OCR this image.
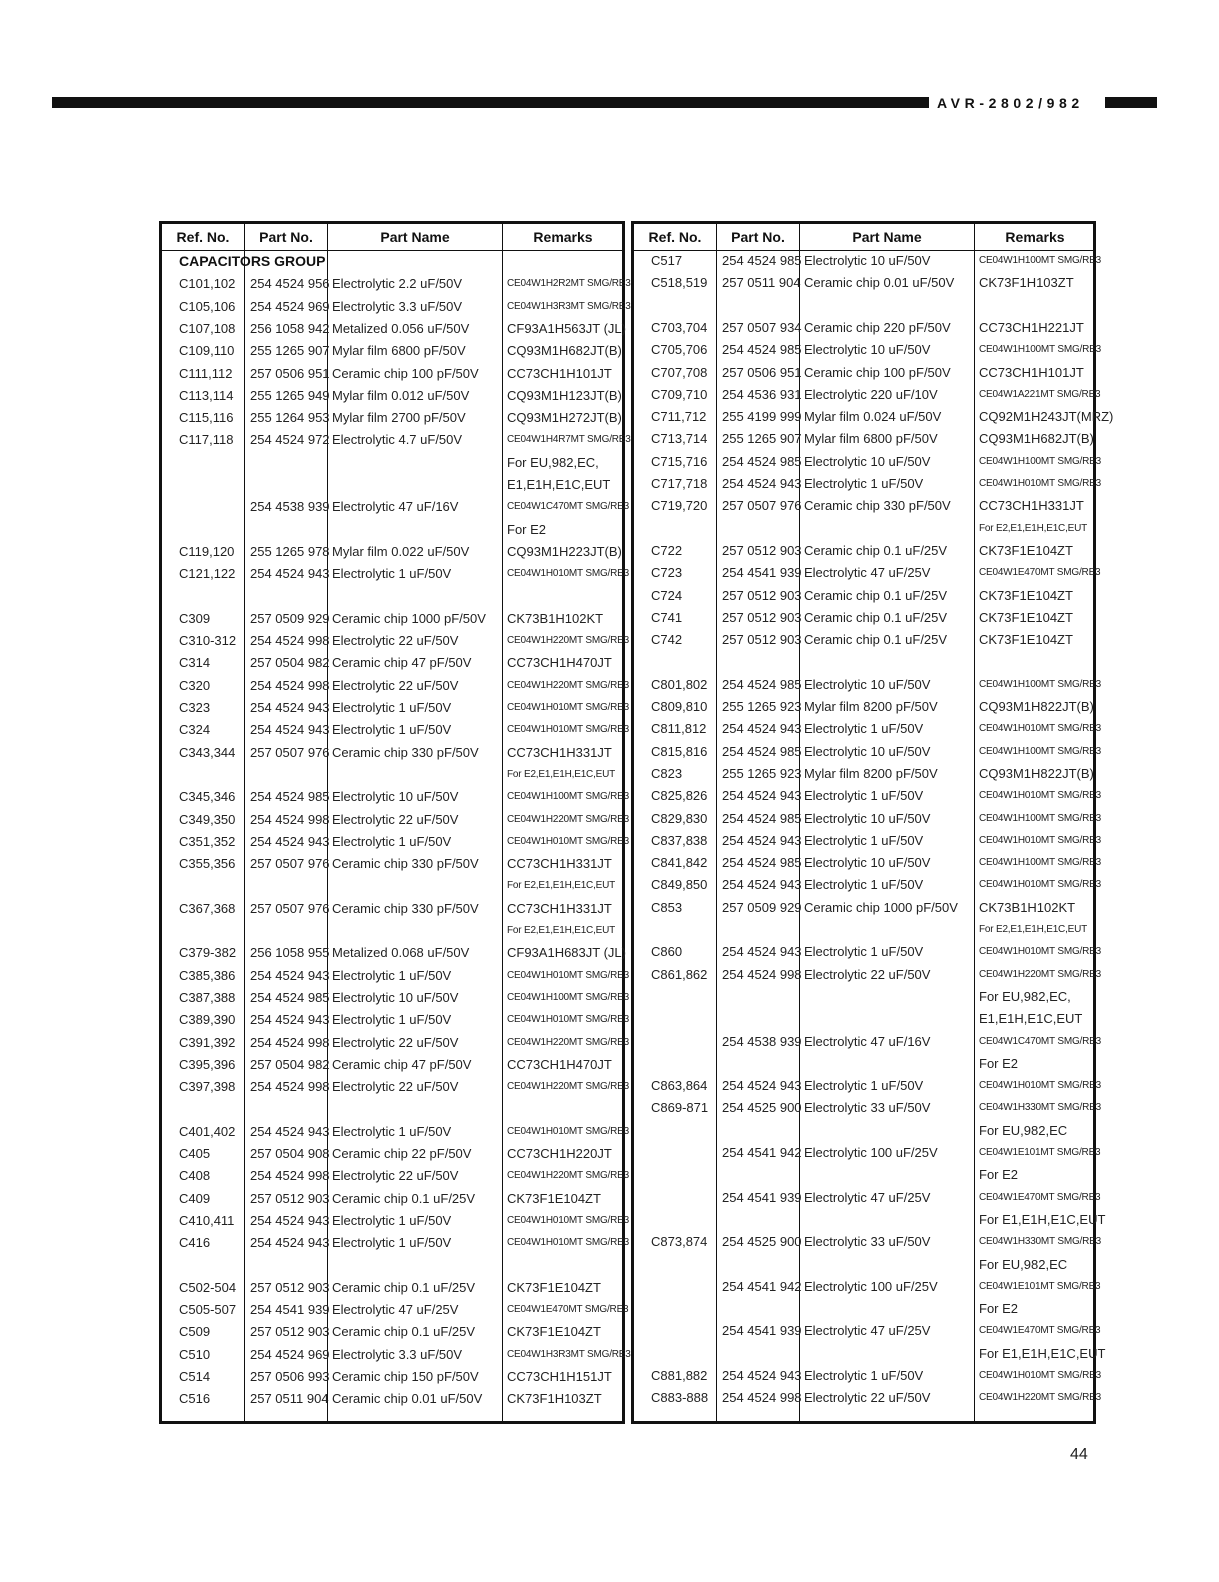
AVR-2802/982
Ref. No.	Part No.	Part Name	Remarks
CAPACITORS GROUP
C101,102	254 4524 956 Electrolytic 2.2 uF/50V	CE04W1H2R2MT SMG/RE3
C105,106	254 4524 969 Electrolytic 3.3 uF/50V	CE04W1H3R3MT SMG/RE3
C107,108	256 1058 942 Metalized 0.056 uF/50V	CF93A1H563JT (JL)
C109,110	255 1265 907 Mylar film 6800 pF/50V	CQ93M1H682JT(B)
C111,112	257 0506 951 Ceramic chip 100 pF/50V	CC73CH1H101JT
C113,114	255 1265 949 Mylar film 0.012 uF/50V	CQ93M1H123JT(B)
C115,116	255 1264 953 Mylar film 2700 pF/50V	CQ93M1H272JT(B)
C117,118	254 4524 972 Electrolytic 4.7 uF/50V	CE04W1H4R7MT SMG/RE3
For EU,982,EC,
E1,E1H,E1C,EUT
254 4538 939 Electrolytic 47 uF/16V	CE04W1C470MT SMG/RE3
For E2
C119,120	255 1265 978 Mylar film 0.022 uF/50V	CQ93M1H223JT(B)
C121,122	254 4524 943 Electrolytic 1 uF/50V	CE04W1H010MT SMG/RE3
C309	257 0509 929 Ceramic chip 1000 pF/50V	CK73B1H102KT
C310-312	254 4524 998 Electrolytic 22 uF/50V	CE04W1H220MT SMG/RE3
C314	257 0504 982 Ceramic chip 47 pF/50V	CC73CH1H470JT
C320	254 4524 998 Electrolytic 22 uF/50V	CE04W1H220MT SMG/RE3
C323	254 4524 943 Electrolytic 1 uF/50V	CE04W1H010MT SMG/RE3
C324	254 4524 943 Electrolytic 1 uF/50V	CE04W1H010MT SMG/RE3
C343,344	257 0507 976 Ceramic chip 330 pF/50V	CC73CH1H331JT
For E2,E1,E1H,E1C,EUT
C345,346	254 4524 985 Electrolytic 10 uF/50V	CE04W1H100MT SMG/RE3
C349,350	254 4524 998 Electrolytic 22 uF/50V	CE04W1H220MT SMG/RE3
C351,352	254 4524 943 Electrolytic 1 uF/50V	CE04W1H010MT SMG/RE3
C355,356	257 0507 976 Ceramic chip 330 pF/50V	CC73CH1H331JT
For E2,E1,E1H,E1C,EUT
C367,368	257 0507 976 Ceramic chip 330 pF/50V	CC73CH1H331JT
For E2,E1,E1H,E1C,EUT
C379-382	256 1058 955 Metalized 0.068 uF/50V	CF93A1H683JT (JL)
C385,386	254 4524 943 Electrolytic 1 uF/50V	CE04W1H010MT SMG/RE3
C387,388	254 4524 985 Electrolytic 10 uF/50V	CE04W1H100MT SMG/RE3
C389,390	254 4524 943 Electrolytic 1 uF/50V	CE04W1H010MT SMG/RE3
C391,392	254 4524 998 Electrolytic 22 uF/50V	CE04W1H220MT SMG/RE3
C395,396	257 0504 982 Ceramic chip 47 pF/50V	CC73CH1H470JT
C397,398	254 4524 998 Electrolytic 22 uF/50V	CE04W1H220MT SMG/RE3
C401,402	254 4524 943 Electrolytic 1 uF/50V	CE04W1H010MT SMG/RE3
C405	257 0504 908 Ceramic chip 22 pF/50V	CC73CH1H220JT
C408	254 4524 998 Electrolytic 22 uF/50V	CE04W1H220MT SMG/RE3
C409	257 0512 903 Ceramic chip 0.1 uF/25V	CK73F1E104ZT
C410,411	254 4524 943 Electrolytic 1 uF/50V	CE04W1H010MT SMG/RE3
C416	254 4524 943 Electrolytic 1 uF/50V	CE04W1H010MT SMG/RE3
C502-504	257 0512 903 Ceramic chip 0.1 uF/25V	CK73F1E104ZT
C505-507	254 4541 939 Electrolytic 47 uF/25V	CE04W1E470MT SMG/RE3
C509	257 0512 903 Ceramic chip 0.1 uF/25V	CK73F1E104ZT
C510	254 4524 969 Electrolytic 3.3 uF/50V	CE04W1H3R3MT SMG/RE3
C514	257 0506 993 Ceramic chip 150 pF/50V	CC73CH1H151JT
C516	257 0511 904 Ceramic chip 0.01 uF/50V	CK73F1H103ZT
Ref. No.	Part No.	Part Name	Remarks
C517	254 4524 985 Electrolytic 10 uF/50V	CE04W1H100MT SMG/RE3
C518,519	257 0511 904 Ceramic chip 0.01 uF/50V	CK73F1H103ZT
C703,704	257 0507 934 Ceramic chip 220 pF/50V	CC73CH1H221JT
C705,706	254 4524 985 Electrolytic 10 uF/50V	CE04W1H100MT SMG/RE3
C707,708	257 0506 951 Ceramic chip 100 pF/50V	CC73CH1H101JT
C709,710	254 4536 931 Electrolytic 220 uF/10V	CE04W1A221MT SMG/RE3
C711,712	255 4199 999 Mylar film 0.024 uF/50V	CQ92M1H243JT(MRZ)
C713,714	255 1265 907 Mylar film 6800 pF/50V	CQ93M1H682JT(B)
C715,716	254 4524 985 Electrolytic 10 uF/50V	CE04W1H100MT SMG/RE3
C717,718	254 4524 943 Electrolytic 1 uF/50V	CE04W1H010MT SMG/RE3
C719,720	257 0507 976 Ceramic chip 330 pF/50V	CC73CH1H331JT
For E2,E1,E1H,E1C,EUT
C722	257 0512 903 Ceramic chip 0.1 uF/25V	CK73F1E104ZT
C723	254 4541 939 Electrolytic 47 uF/25V	CE04W1E470MT SMG/RE3
C724	257 0512 903 Ceramic chip 0.1 uF/25V	CK73F1E104ZT
C741	257 0512 903 Ceramic chip 0.1 uF/25V	CK73F1E104ZT
C742	257 0512 903 Ceramic chip 0.1 uF/25V	CK73F1E104ZT
C801,802	254 4524 985 Electrolytic 10 uF/50V	CE04W1H100MT SMG/RE3
C809,810	255 1265 923 Mylar film 8200 pF/50V	CQ93M1H822JT(B)
C811,812	254 4524 943 Electrolytic 1 uF/50V	CE04W1H010MT SMG/RE3
C815,816	254 4524 985 Electrolytic 10 uF/50V	CE04W1H100MT SMG/RE3
C823	255 1265 923 Mylar film 8200 pF/50V	CQ93M1H822JT(B)
C825,826	254 4524 943 Electrolytic 1 uF/50V	CE04W1H010MT SMG/RE3
C829,830	254 4524 985 Electrolytic 10 uF/50V	CE04W1H100MT SMG/RE3
C837,838	254 4524 943 Electrolytic 1 uF/50V	CE04W1H010MT SMG/RE3
C841,842	254 4524 985 Electrolytic 10 uF/50V	CE04W1H100MT SMG/RE3
C849,850	254 4524 943 Electrolytic 1 uF/50V	CE04W1H010MT SMG/RE3
C853	257 0509 929 Ceramic chip 1000 pF/50V	CK73B1H102KT
For E2,E1,E1H,E1C,EUT
C860	254 4524 943 Electrolytic 1 uF/50V	CE04W1H010MT SMG/RE3
C861,862	254 4524 998 Electrolytic 22 uF/50V	CE04W1H220MT SMG/RE3
For EU,982,EC,
E1,E1H,E1C,EUT
254 4538 939 Electrolytic 47 uF/16V	CE04W1C470MT SMG/RE3
For E2
C863,864	254 4524 943 Electrolytic 1 uF/50V	CE04W1H010MT SMG/RE3
C869-871	254 4525 900 Electrolytic 33 uF/50V	CE04W1H330MT SMG/RE3
For EU,982,EC
254 4541 942 Electrolytic 100 uF/25V	CE04W1E101MT SMG/RE3
For E2
254 4541 939 Electrolytic 47 uF/25V	CE04W1E470MT SMG/RE3
For E1,E1H,E1C,EUT
C873,874	254 4525 900 Electrolytic 33 uF/50V	CE04W1H330MT SMG/RE3
For EU,982,EC
254 4541 942 Electrolytic 100 uF/25V	CE04W1E101MT SMG/RE3
For E2
254 4541 939 Electrolytic 47 uF/25V	CE04W1E470MT SMG/RE3
For E1,E1H,E1C,EUT
C881,882	254 4524 943 Electrolytic 1 uF/50V	CE04W1H010MT SMG/RE3
C883-888	254 4524 998 Electrolytic 22 uF/50V	CE04W1H220MT SMG/RE3
44
